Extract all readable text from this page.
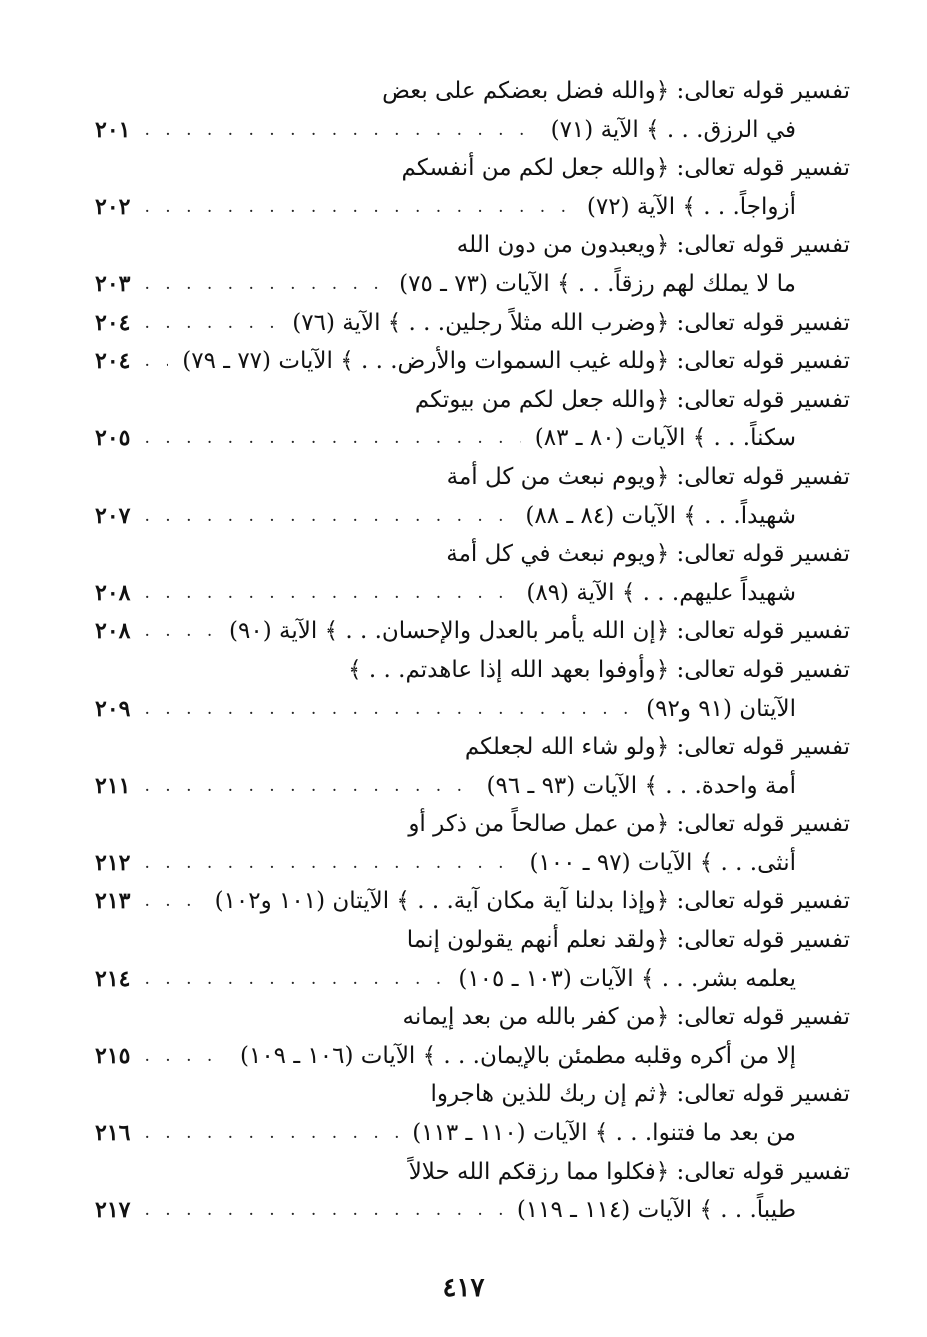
تفسير قوله تعالى: ﴿والله فضل بعضكم على بعض
في الرزق. . . ﴾ الآية (٧١)
. . .
٢٠١
تفسير قوله تعالى: ﴿والله جعل لكم من أنفسكم
أزواجاً. . . ﴾ الآية (٧٢)
. . .
٢٠٢
تفسير قوله تعالى: ﴿ويعبدون من دون الله
ما لا يملك لهم رزقاً. . . ﴾ الآيات (٧٣ ـ ٧٥)
. . .
٢٠٣
تفسير قوله تعالى: ﴿وضرب الله مثلاً رجلين. . . ﴾ الآية (٧٦)
. . .
٢٠٤
تفسير قوله تعالى: ﴿ولله غيب السموات والأرض. . . ﴾ الآيات (٧٧ ـ ٧٩)
. . .
٢٠٤
تفسير قوله تعالى: ﴿والله جعل لكم من بيوتكم
سكناً. . . ﴾ الآيات (٨٠ ـ ٨٣)
. . .
٢٠٥
تفسير قوله تعالى: ﴿ويوم نبعث من كل أمة
شهيداً. . . ﴾ الآيات (٨٤ ـ ٨٨)
. . .
٢٠٧
تفسير قوله تعالى: ﴿ويوم نبعث في كل أمة
شهيداً عليهم. . . ﴾ الآية (٨٩)
. . .
٢٠٨
تفسير قوله تعالى: ﴿إن الله يأمر بالعدل والإحسان. . . ﴾ الآية (٩٠)
. . .
٢٠٨
تفسير قوله تعالى: ﴿وأوفوا بعهد الله إذا عاهدتم. . . ﴾
الآيتان (٩١ و٩٢)
. . .
٢٠٩
تفسير قوله تعالى: ﴿ولو شاء الله لجعلكم
أمة واحدة. . . ﴾ الآيات (٩٣ ـ ٩٦)
. . .
٢١١
تفسير قوله تعالى: ﴿من عمل صالحاً من ذكر أو
أنثى. . . ﴾ الآيات (٩٧ ـ ١٠٠)
. . .
٢١٢
تفسير قوله تعالى: ﴿وإذا بدلنا آية مكان آية. . . ﴾ الآيتان (١٠١ و١٠٢)
. . .
٢١٣
تفسير قوله تعالى: ﴿ولقد نعلم أنهم يقولون إنما
يعلمه بشر. . . ﴾ الآيات (١٠٣ ـ ١٠٥)
. . .
٢١٤
تفسير قوله تعالى: ﴿من كفر بالله من بعد إيمانه
إلا من أكره وقلبه مطمئن بالإيمان. . . ﴾ الآيات (١٠٦ ـ ١٠٩)
. . .
٢١٥
تفسير قوله تعالى: ﴿ثم إن ربك للذين هاجروا
من بعد ما فتنوا. . . ﴾ الآيات (١١٠ ـ ١١٣)
. . .
٢١٦
تفسير قوله تعالى: ﴿فكلوا مما رزقكم الله حلالاً
طيباً. . . ﴾ الآيات (١١٤ ـ ١١٩)
. . .
٢١٧
٤١٧
